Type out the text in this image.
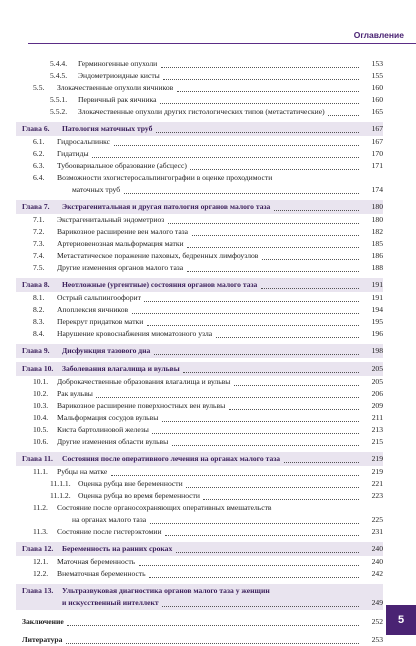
Оглавление
5.4.4. Герминогенные опухоли	153
5.4.5. Эндометриоидные кисты	155
5.5. Злокачественные опухоли яичников	160
5.5.1. Первичный рак яичника	160
5.5.2. Злокачественные опухоли других гистологических типов (метастатические)	165
Глава 6. Патология маточных труб	167
6.1. Гидросальпинкс	167
6.2. Гидатиды	170
6.3. Тубоовариальное образование (абсцесс)	171
6.4. Возможности эхогистеросальпингографии в оценке проходимости
маточных труб	174
Глава 7. Экстрагенитальная и другая патология органов малого таза	180
7.1. Экстрагенитальный эндометриоз	180
7.2. Варикозное расширение вен малого таза	182
7.3. Артериовенозная мальформация матки	185
7.4. Метастатическое поражение паховых, бедренных лимфоузлов	186
7.5. Другие изменения органов малого таза	188
Глава 8. Неотложные (ургентные) состояния органов малого таза	191
8.1. Острый сальпингоофорит	191
8.2. Апоплексия яичников	194
8.3. Перекрут придатков матки	195
8.4. Нарушение кровоснабжения миоматозного узла	196
Глава 9. Дисфункция тазового дна	198
Глава 10. Заболевания влагалища и вульвы	205
10.1. Доброкачественные образования влагалища и вульвы	205
10.2. Рак вульвы	206
10.3. Варикозное расширение поверхностных вен вульвы	209
10.4. Мальформация сосудов вульвы	211
10.5. Киста бартолиновой железы	213
10.6. Другие изменения области вульвы	215
Глава 11. Состояния после оперативного лечения на органах малого таза	219
11.1. Рубцы на матке	219
11.1.1. Оценка рубца вне беременности	221
11.1.2. Оценка рубца во время беременности	223
11.2. Состояние после органосохраняющих оперативных вмешательств
на органах малого таза	225
11.3. Состояние после гистерэктомии	231
Глава 12. Беременность на ранних сроках	240
12.1. Маточная беременность	240
12.2. Внематочная беременность	242
Глава 13. Ультразвуковая диагностика органов малого таза у женщин
и искусственный интеллект	249
Заключение	252
Литература	253
5
